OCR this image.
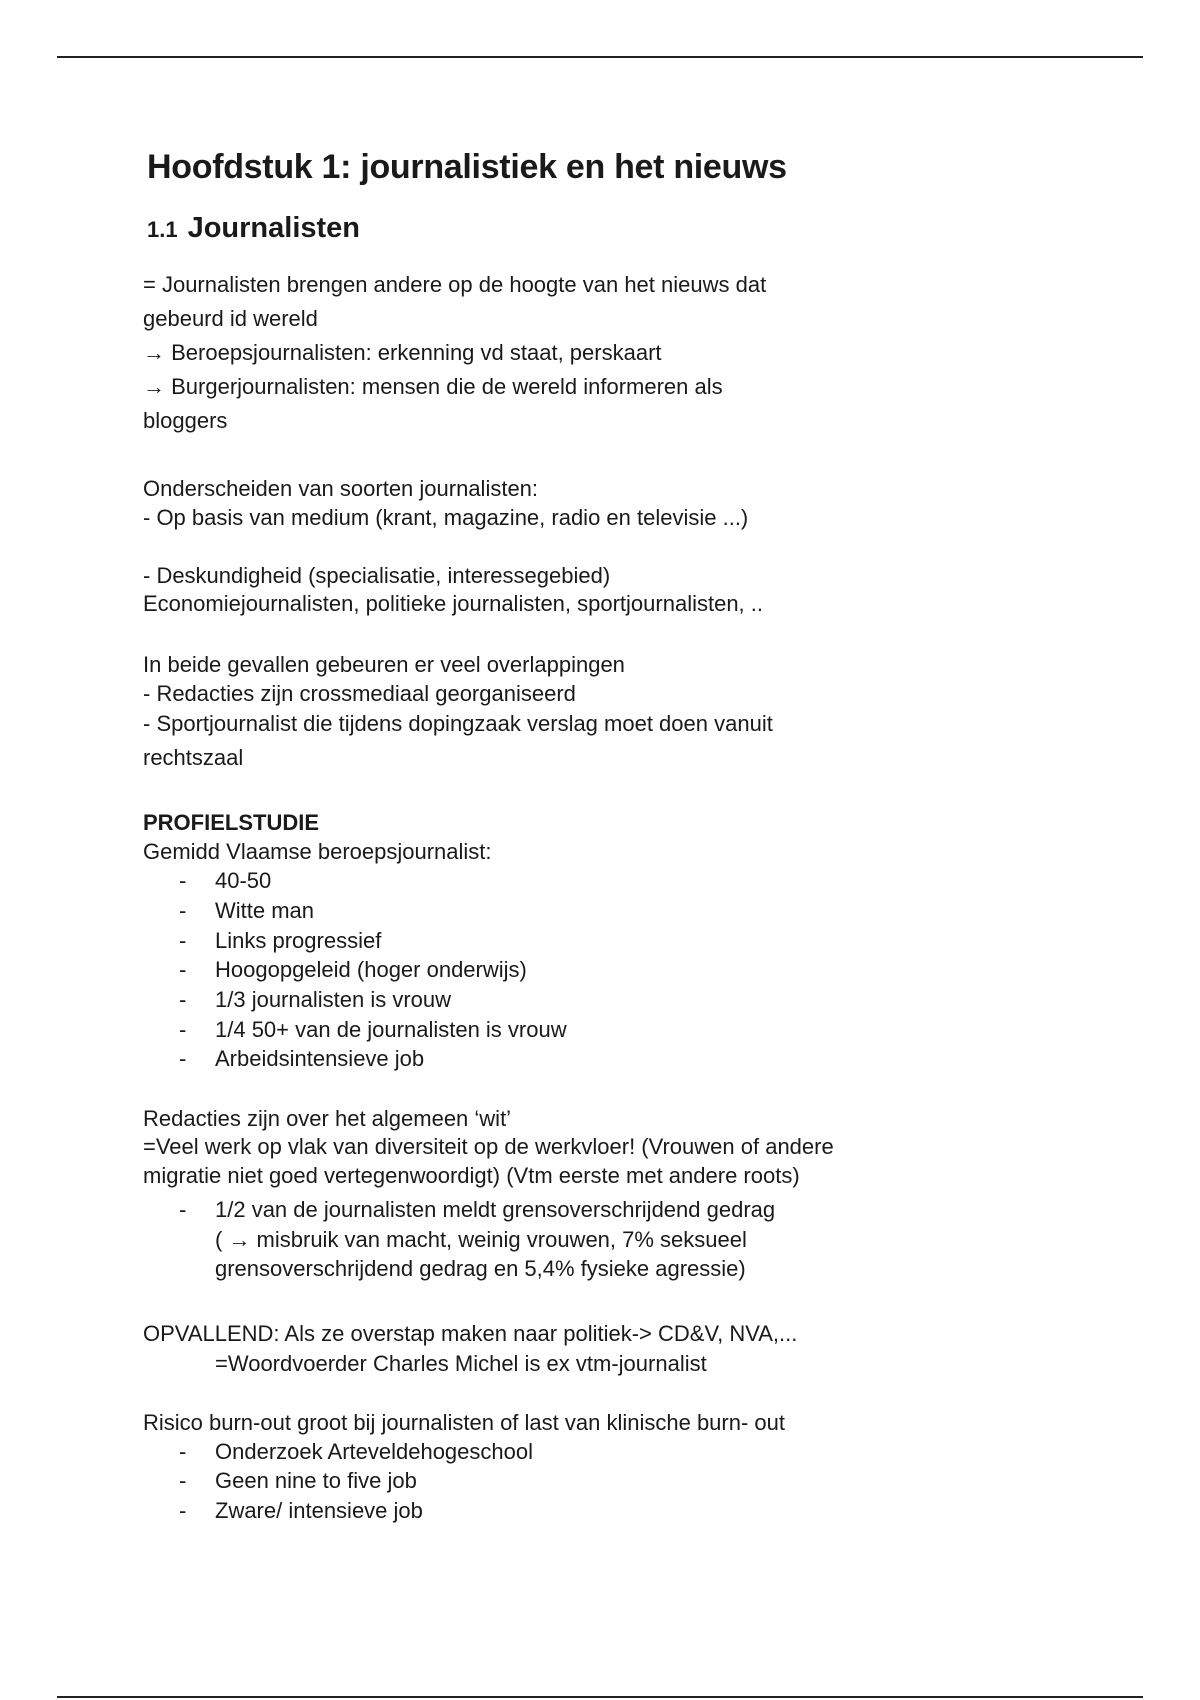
Hoofdstuk 1: journalistiek en het nieuws
1.1 Journalisten
= Journalisten brengen andere op de hoogte van het nieuws dat
gebeurd id wereld
→ Beroepsjournalisten: erkenning vd staat, perskaart
→ Burgerjournalisten: mensen die de wereld informeren als
bloggers
Onderscheiden van soorten journalisten:
- Op basis van medium (krant, magazine, radio en televisie ...)
- Deskundigheid (specialisatie, interessegebied)
Economiejournalisten, politieke journalisten, sportjournalisten, ..
In beide gevallen gebeuren er veel overlappingen
- Redacties zijn crossmediaal georganiseerd
- Sportjournalist die tijdens dopingzaak verslag moet doen vanuit
rechtszaal
PROFIELSTUDIE
Gemidd Vlaamse beroepsjournalist:
- 40-50
- Witte man
- Links progressief
- Hoogopgeleid (hoger onderwijs)
- 1/3 journalisten is vrouw
- 1/4 50+ van de journalisten is vrouw
- Arbeidsintensieve job
Redacties zijn over het algemeen ‘wit’
=Veel werk op vlak van diversiteit op de werkvloer! (Vrouwen of andere
migratie niet goed vertegenwoordigt) (Vtm eerste met andere roots)
- 1/2 van de journalisten meldt grensoverschrijdend gedrag
( → misbruik van macht, weinig vrouwen, 7% seksueel
grensoverschrijdend gedrag en 5,4% fysieke agressie)
OPVALLEND: Als ze overstap maken naar politiek-> CD&V, NVA,...
=Woordvoerder Charles Michel is ex vtm-journalist
Risico burn-out groot bij journalisten of last van klinische burn- out
- Onderzoek Arteveldehogeschool
- Geen nine to five job
- Zware/ intensieve job
